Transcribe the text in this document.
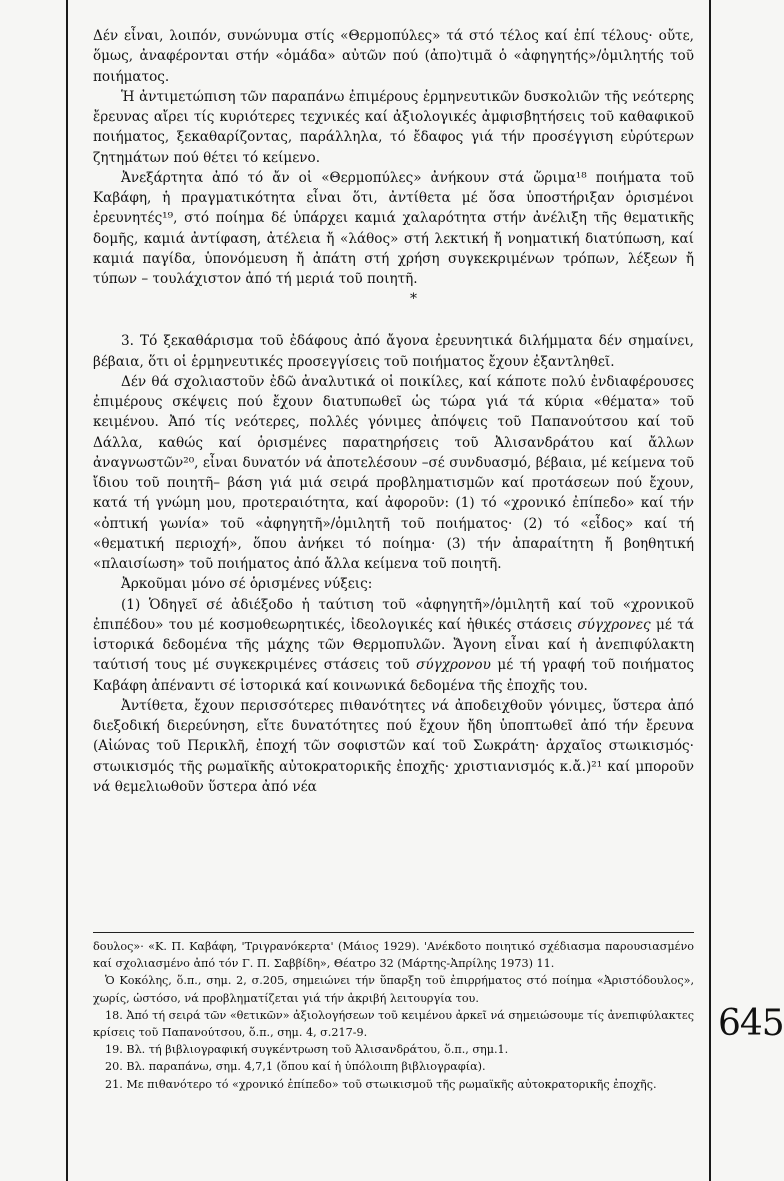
Δέν εἶναι, λοιπόν, συνώνυμα στίς «Θερμοπύλες» τά στό τέλος καί ἐπί τέλους· οὔτε, ὅμως, ἀναφέρονται στήν «ὁμάδα» αὐτῶν πού (ἀπο)τιμᾶ ὁ «ἀφηγητής»/ὁμιλητής τοῦ ποιήματος.

Ἡ ἀντιμετώπιση τῶν παραπάνω ἐπιμέρους ἑρμηνευτικῶν δυσκολιῶν τῆς νεότερης ἔρευνας αἴρει τίς κυριότερες τεχνικές καί ἀξιολογικές ἀμφισβητήσεις τοῦ καθαφικοῦ ποιήματος, ξεκαθαρίζοντας, παράλληλα, τό ἔδαφος γιά τήν προσέγγιση εὐρύτερων ζητημάτων πού θέτει τό κείμενο.

Ἀνεξάρτητα ἀπό τό ἄν οἱ «Θερμοπύλες» ἀνήκουν στά ὥριμα¹⁸ ποιήματα τοῦ Καβάφη, ἡ πραγματικότητα εἶναι ὅτι, ἀντίθετα μέ ὅσα ὑποστήριξαν ὁρισμένοι ἐρευνητές¹⁹, στό ποίημα δέ ὑπάρχει καμιά χαλαρότητα στήν ἀνέλιξη τῆς θεματικῆς δομῆς, καμιά ἀντίφαση, ἀτέλεια ἤ «λάθος» στή λεκτική ἤ νοηματική διατύπωση, καί καμιά παγίδα, ὑπονόμευση ἤ ἀπάτη στή χρήση συγκεκριμένων τρόπων, λέξεων ἤ τύπων – τουλάχιστον ἀπό τή μεριά τοῦ ποιητῆ.

*

3. Τό ξεκαθάρισμα τοῦ ἐδάφους ἀπό ἄγονα ἐρευνητικά διλήμματα δέν σημαίνει, βέβαια, ὅτι οἱ ἑρμηνευτικές προσεγγίσεις τοῦ ποιήματος ἔχουν ἐξαντληθεῖ.

Δέν θά σχολιαστοῦν ἐδῶ ἀναλυτικά οἱ ποικίλες, καί κάποτε πολύ ἐνδιαφέρουσες ἐπιμέρους σκέψεις πού ἔχουν διατυπωθεῖ ὡς τώρα γιά τά κύρια «θέματα» τοῦ κειμένου. Ἀπό τίς νεότερες, πολλές γόνιμες ἀπόψεις τοῦ Παπανούτσου καί τοῦ Δάλλα, καθώς καί ὁρισμένες παρατηρήσεις τοῦ Ἀλισανδράτου καί ἄλλων ἀναγνωστῶν²⁰, εἶναι δυνατόν νά ἀποτελέσουν –σέ συνδυασμό, βέβαια, μέ κείμενα τοῦ ἴδιου τοῦ ποιητῆ– βάση γιά μιά σειρά προβληματισμῶν καί προτάσεων πού ἔχουν, κατά τή γνώμη μου, προτεραιότητα, καί ἀφοροῦν: (1) τό «χρονικό ἐπίπεδο» καί τήν «ὀπτική γωνία» τοῦ «ἀφηγητῆ»/ὁμιλητῆ τοῦ ποιήματος· (2) τό «εἶδος» καί τή «θεματική περιοχή», ὅπου ἀνήκει τό ποίημα· (3) τήν ἀπαραίτητη ἤ βοηθητική «πλαισίωση» τοῦ ποιήματος ἀπό ἄλλα κείμενα τοῦ ποιητῆ.

Ἀρκοῦμαι μόνο σέ ὁρισμένες νύξεις:

(1) Ὁδηγεῖ σέ ἀδιέξοδο ἡ ταύτιση τοῦ «ἀφηγητῆ»/ὁμιλητῆ καί τοῦ «χρονικοῦ ἐπιπέδου» του μέ κοσμοθεωρητικές, ἰδεολογικές καί ἠθικές στάσεις σύγχρονες μέ τά ἱστορικά δεδομένα τῆς μάχης τῶν Θερμοπυλῶν. Ἄγονη εἶναι καί ἡ ἀνεπιφύλακτη ταύτισή τους μέ συγκεκριμένες στάσεις τοῦ σύγχρονου μέ τή γραφή τοῦ ποιήματος Καβάφη ἀπέναντι σέ ἱστορικά καί κοινωνικά δεδομένα τῆς ἐποχῆς του.

Ἀντίθετα, ἔχουν περισσότερες πιθανότητες νά ἀποδειχθοῦν γόνιμες, ὕστερα ἀπό διεξοδική διερεύνηση, εἴτε δυνατότητες πού ἔχουν ἤδη ὑποπτωθεῖ ἀπό τήν ἔρευνα (Αἰώνας τοῦ Περικλῆ, ἐποχή τῶν σοφιστῶν καί τοῦ Σωκράτη· ἀρχαῖος στωικισμός· στωικισμός τῆς ρωμαϊκῆς αὐτοκρατορικῆς ἐποχῆς· χριστιανισμός κ.ἄ.)²¹ καί μποροῦν νά θεμελιωθοῦν ὕστερα ἀπό νέα

δουλος»· «Κ. Π. Καβάφη, 'Τριγρανόκερτα' (Μάιος 1929). 'Ανέκδοτο ποιητικό σχέδιασμα παρουσιασμένο καί σχολιασμένο ἀπό τόν Γ. Π. Σαββίδη», Θέατρο 32 (Μάρτης-Ἀπρίλης 1973) 11.

Ὁ Κοκόλης, ὅ.π., σημ. 2, σ.205, σημειώνει τήν ὕπαρξη τοῦ ἐπιρρήματος στό ποίημα «Ἀριστόδουλος», χωρίς, ὡστόσο, νά προβληματίζεται γιά τήν ἀκριβή λειτουργία του.

18. Ἀπό τή σειρά τῶν «θετικῶν» ἀξιολογήσεων τοῦ κειμένου ἀρκεῖ νά σημειώσουμε τίς ἀνεπιφύλακτες κρίσεις τοῦ Παπανούτσου, ὅ.π., σημ. 4, σ.217-9.

19. Βλ. τή βιβλιογραφική συγκέντρωση τοῦ Ἀλισανδράτου, ὅ.π., σημ.1.

20. Βλ. παραπάνω, σημ. 4,7,1 (ὅπου καί ἡ ὑπόλοιπη βιβλιογραφία).

21. Με πιθανότερο τό «χρονικό ἐπίπεδο» τοῦ στωικισμοῦ τῆς ρωμαϊκῆς αὐτοκρατορικῆς ἐποχῆς.

645
